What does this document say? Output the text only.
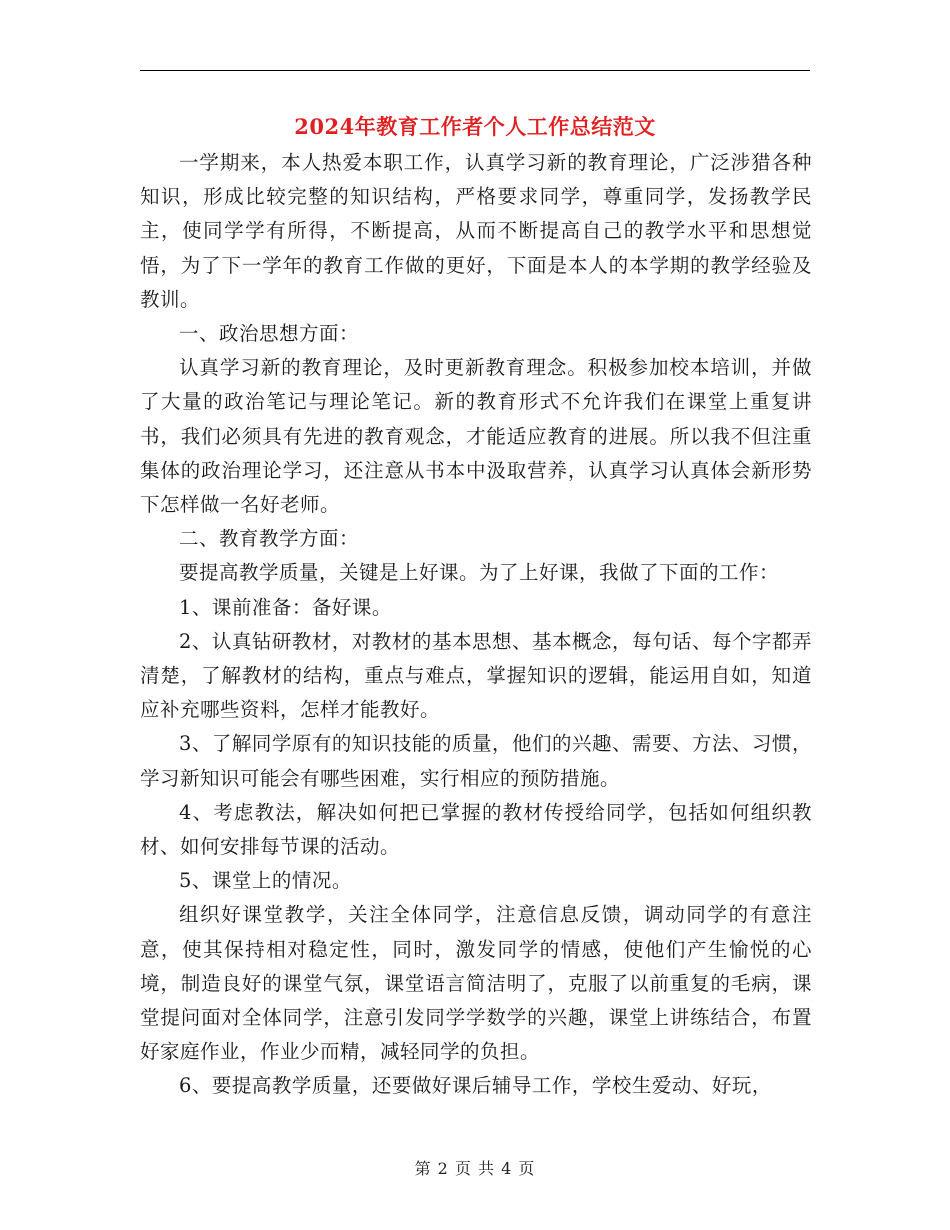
2024年教育工作者个人工作总结范文

一学期来，本人热爱本职工作，认真学习新的教育理论，广泛涉猎各种知识，形成比较完整的知识结构，严格要求同学，尊重同学，发扬教学民主，使同学学有所得，不断提高，从而不断提高自己的教学水平和思想觉悟，为了下一学年的教育工作做的更好，下面是本人的本学期的教学经验及教训。

一、政治思想方面：

认真学习新的教育理论，及时更新教育理念。积极参加校本培训，并做了大量的政治笔记与理论笔记。新的教育形式不允许我们在课堂上重复讲书，我们必须具有先进的教育观念，才能适应教育的进展。所以我不但注重集体的政治理论学习，还注意从书本中汲取营养，认真学习认真体会新形势下怎样做一名好老师。

二、教育教学方面：

要提高教学质量，关键是上好课。为了上好课，我做了下面的工作：

1、课前准备：备好课。

2、认真钻研教材，对教材的基本思想、基本概念，每句话、每个字都弄清楚，了解教材的结构，重点与难点，掌握知识的逻辑，能运用自如，知道应补充哪些资料，怎样才能教好。

3、了解同学原有的知识技能的质量，他们的兴趣、需要、方法、习惯，学习新知识可能会有哪些困难，实行相应的预防措施。

4、考虑教法，解决如何把已掌握的教材传授给同学，包括如何组织教材、如何安排每节课的活动。

5、课堂上的情况。

组织好课堂教学，关注全体同学，注意信息反馈，调动同学的有意注意，使其保持相对稳定性，同时，激发同学的情感，使他们产生愉悦的心境，制造良好的课堂气氛，课堂语言简洁明了，克服了以前重复的毛病，课堂提问面对全体同学，注意引发同学学数学的兴趣，课堂上讲练结合，布置好家庭作业，作业少而精，减轻同学的负担。

6、要提高教学质量，还要做好课后辅导工作，学校生爱动、好玩，

第 2 页 共 4 页
